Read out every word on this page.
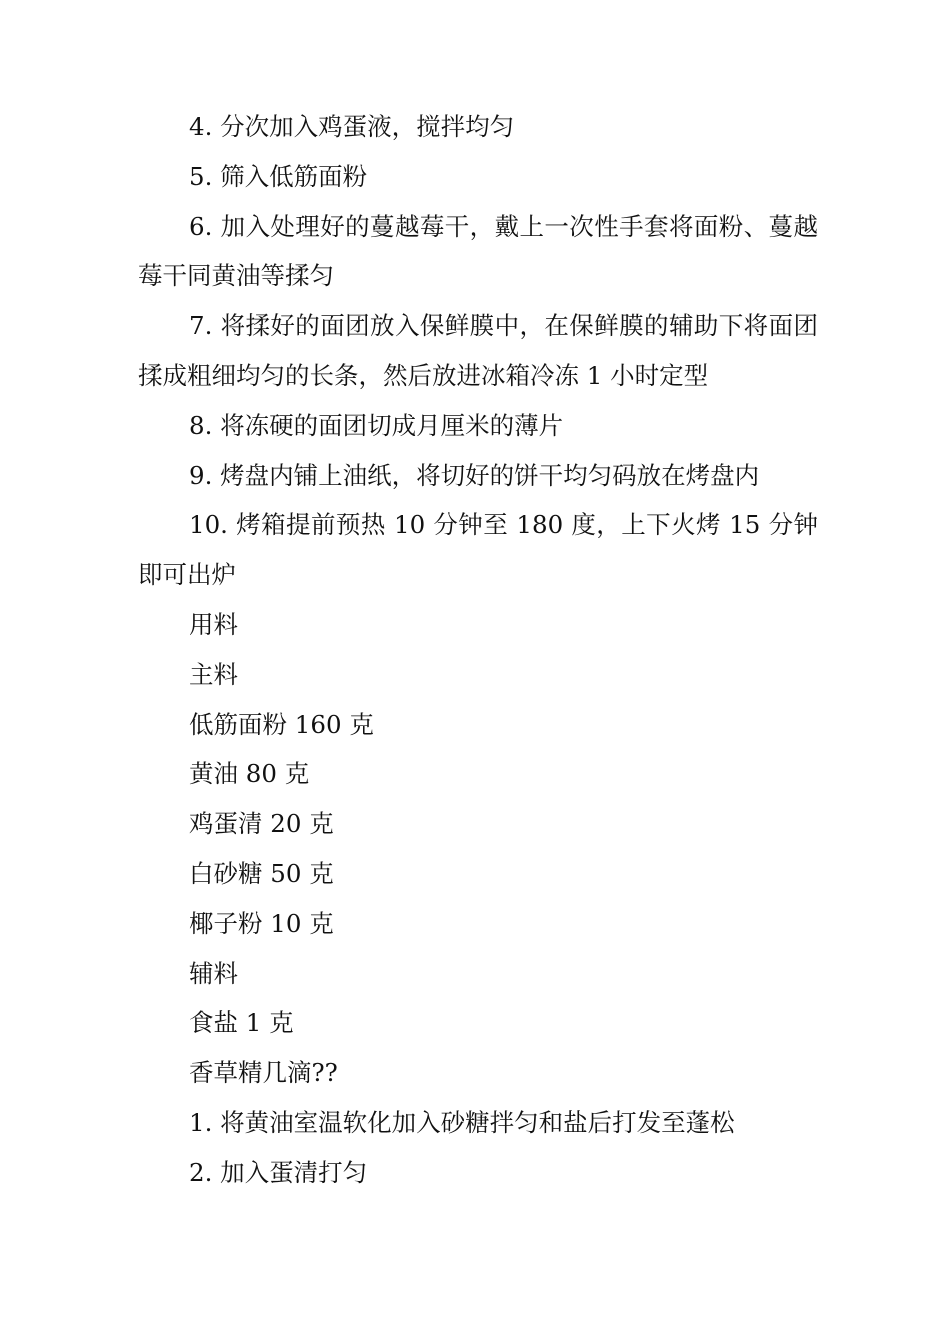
4. 分次加入鸡蛋液，搅拌均匀

5. 筛入低筋面粉

6. 加入处理好的蔓越莓干，戴上一次性手套将面粉、蔓越莓干同黄油等揉匀

7. 将揉好的面团放入保鲜膜中，在保鲜膜的辅助下将面团揉成粗细均匀的长条，然后放进冰箱冷冻 1 小时定型

8. 将冻硬的面团切成月厘米的薄片

9. 烤盘内铺上油纸，将切好的饼干均匀码放在烤盘内

10. 烤箱提前预热 10 分钟至 180 度，上下火烤 15 分钟即可出炉

用料

主料

低筋面粉 160 克

黄油 80 克

鸡蛋清 20 克

白砂糖 50 克

椰子粉 10 克

辅料

食盐 1 克

香草精几滴??

1. 将黄油室温软化加入砂糖拌匀和盐后打发至蓬松

2. 加入蛋清打匀
